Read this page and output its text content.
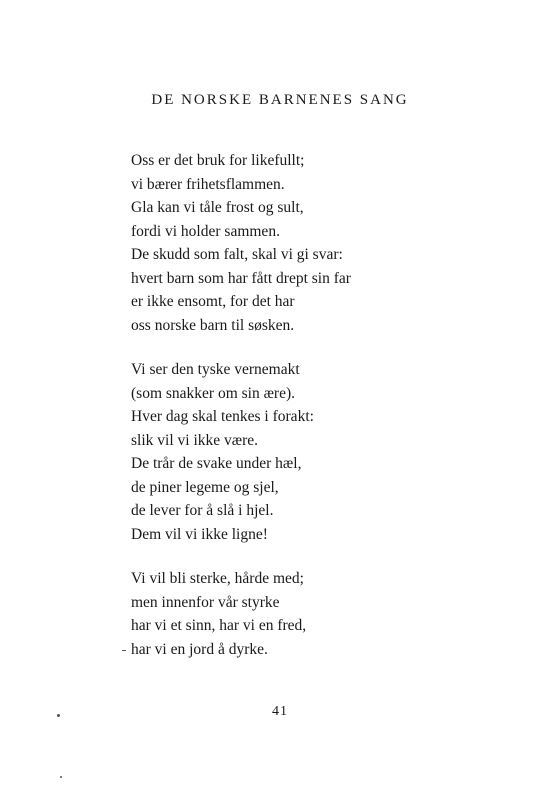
DE NORSKE BARNENES SANG
Oss er det bruk for likefullt;
vi bærer frihetsflammen.
Gla kan vi tåle frost og sult,
fordi vi holder sammen.
De skudd som falt, skal vi gi svar:
hvert barn som har fått drept sin far
er ikke ensomt, for det har
oss norske barn til søsken.
Vi ser den tyske vernemakt
(som snakker om sin ære).
Hver dag skal tenkes i forakt:
slik vil vi ikke være.
De trår de svake under hæl,
de piner legeme og sjel,
de lever for å slå i hjel.
Dem vil vi ikke ligne!
Vi vil bli sterke, hårde med;
men innenfor vår styrke
har vi et sinn, har vi en fred,
har vi en jord å dyrke.
41
